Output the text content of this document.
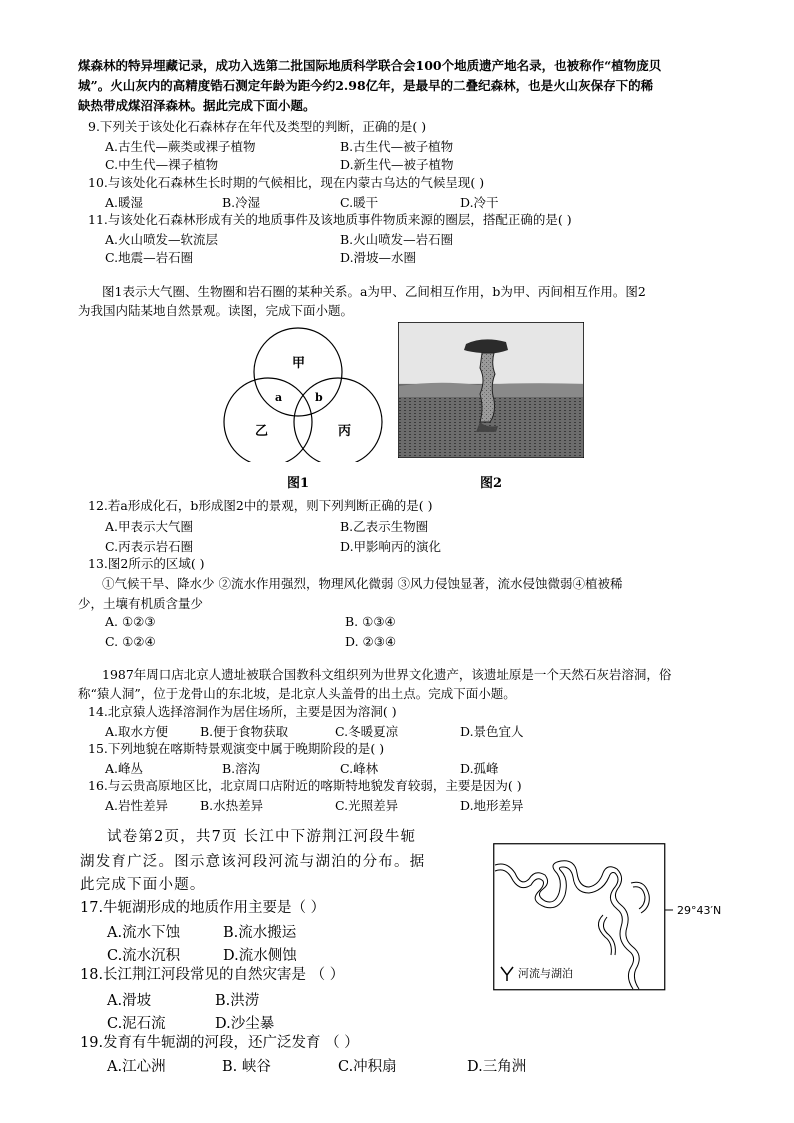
煤森林的特异埋藏记录，成功入选第二批国际地质科学联合会100个地质遗产地名录，也被称作“植物庞贝
城”。火山灰内的高精度锆石测定年龄为距今约2.98亿年，是最早的二叠纪森林，也是火山灰保存下的稀
缺热带成煤沼泽森林。据此完成下面小题。
9.下列关于该处化石森林存在年代及类型的判断，正确的是( )
A.古生代—蕨类或裸子植物	B.古生代—被子植物
C.中生代—裸子植物	D.新生代—被子植物
10.与该处化石森林生长时期的气候相比，现在内蒙古乌达的气候呈现( )
A.暖湿	B.冷湿	C.暖干	D.冷干
11.与该处化石森林形成有关的地质事件及该地质事件物质来源的圈层，搭配正确的是( )
A.火山喷发—软流层	B.火山喷发—岩石圈
C.地震—岩石圈	D.滑坡—水圈
图1表示大气圈、生物圈和岩石圈的某种关系。a为甲、乙间相互作用，b为甲、丙间相互作用。图2
为我国内陆某地自然景观。读图，完成下面小题。
甲
a	b
乙	丙
图1	图2
12.若a形成化石，b形成图2中的景观，则下列判断正确的是( )
A.甲表示大气圈	B.乙表示生物圈
C.丙表示岩石圈	D.甲影响丙的演化
13.图2所示的区域( )
①气候干旱、降水少 ②流水作用强烈，物理风化微弱 ③风力侵蚀显著，流水侵蚀微弱④植被稀
少，土壤有机质含量少
A. ①②③	B. ①③④
C. ①②④	D. ②③④
1987年周口店北京人遗址被联合国教科文组织列为世界文化遗产，该遗址原是一个天然石灰岩溶洞，俗
称“猿人洞”，位于龙骨山的东北坡，是北京人头盖骨的出土点。完成下面小题。
14.北京猿人选择溶洞作为居住场所，主要是因为溶洞( )
A.取水方便	B.便于食物获取	C.冬暖夏凉	D.景色宜人
15.下列地貌在喀斯特景观演变中属于晚期阶段的是( )
A.峰丛	B.溶沟	C.峰林	D.孤峰
16.与云贵高原地区比，北京周口店附近的喀斯特地貌发育较弱，主要是因为( )
A.岩性差异	B.水热差异	C.光照差异	D.地形差异
试卷第2页，共7页 长江中下游荆江河段牛轭
湖发育广泛。图示意该河段河流与湖泊的分布。据
此完成下面小题。
17.牛轭湖形成的地质作用主要是（ ）
A.流水下蚀	B.流水搬运
C.流水沉积	D.流水侧蚀
18.长江荆江河段常见的自然灾害是 （ ）
A.滑坡	B.洪涝
C.泥石流	D.沙尘暴
19.发育有牛轭湖的河段，还广泛发育 （ ）
A.江心洲	B. 峡谷	C.冲积扇	D.三角洲
29°43′N
河流与湖泊
